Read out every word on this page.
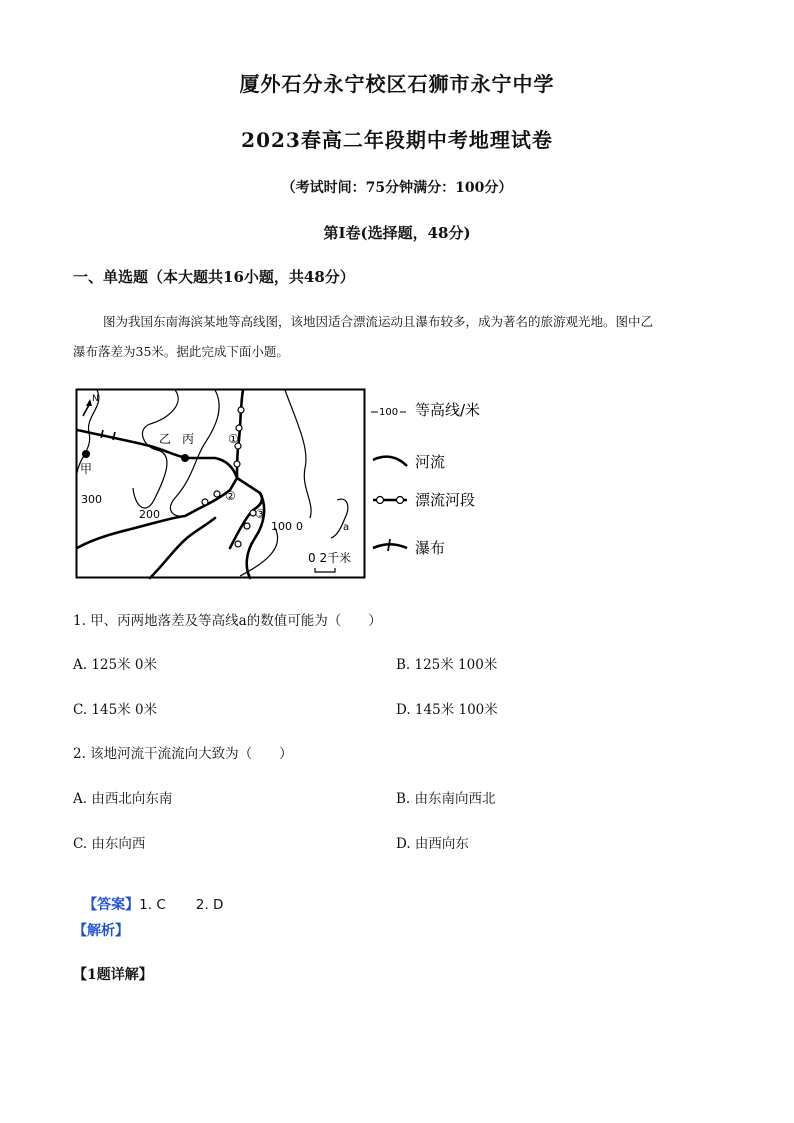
厦外石分永宁校区石狮市永宁中学
2023春高二年段期中考地理试卷
（考试时间：75分钟满分：100分）
第Ⅰ卷(选择题，48分)
一、单选题（本大题共16小题，共48分）
图为我国东南海滨某地等高线图，该地因适合漂流运动且瀑布较多，成为著名的旅游观光地。图中乙
瀑布落差为35米。据此完成下面小题。
N
甲
乙 丙	①
②
③
a
300
200
100 0
0 2千米
100 等高线/米
河流
漂流河段
瀑布
1. 甲、丙两地落差及等高线a的数值可能为（　　）
A. 125米 0米	B. 125米 100米
C. 145米 0米	D. 145米 100米
2. 该地河流干流流向大致为（　　）
A. 由西北向东南	B. 由东南向西北
C. 由东向西	D. 由西向东

【答案】1. C       2. D

【解析】
【1题详解】
